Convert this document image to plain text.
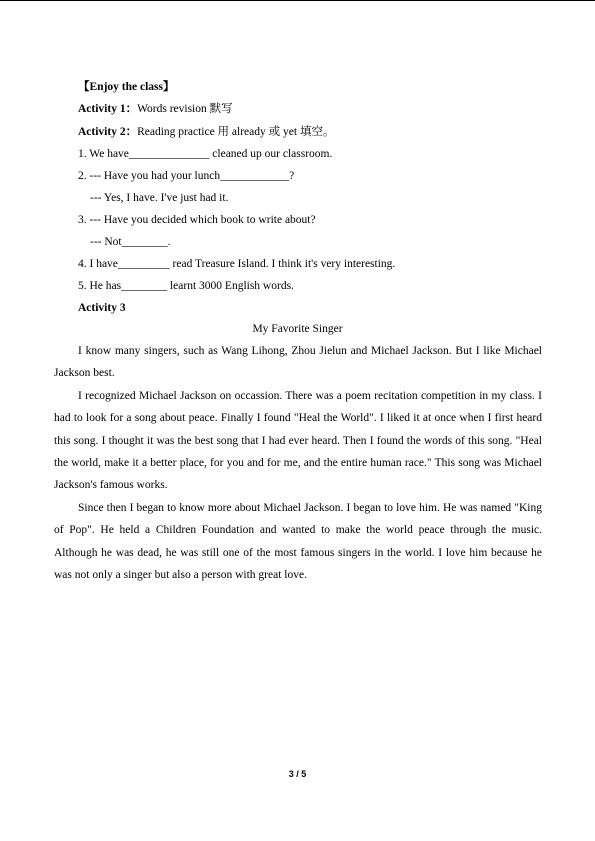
【Enjoy the class】
Activity 1：Words revision 默写
Activity 2：Reading practice 用 already 或 yet 填空。
1. We have______________ cleaned up our classroom.
2. --- Have you had your lunch____________?
--- Yes, I have. I've just had it.
3. --- Have you decided which book to write about?
--- Not________.
4. I have_________ read Treasure Island. I think it's very interesting.
5. He has________ learnt 3000 English words.
Activity 3
My Favorite Singer

I know many singers, such as Wang Lihong, Zhou Jielun and Michael Jackson. But I like Michael Jackson best.

I recognized Michael Jackson on occassion. There was a poem recitation competition in my class. I had to look for a song about peace. Finally I found "Heal the World". I liked it at once when I first heard this song. I thought it was the best song that I had ever heard. Then I found the words of this song. "Heal the world, make it a better place, for you and for me, and the entire human race." This song was Michael Jackson's famous works.

Since then I began to know more about Michael Jackson. I began to love him. He was named "King of Pop". He held a Children Foundation and wanted to make the world peace through the music. Although he was dead, he was still one of the most famous singers in the world. I love him because he was not only a singer but also a person with great love.

3 / 5
